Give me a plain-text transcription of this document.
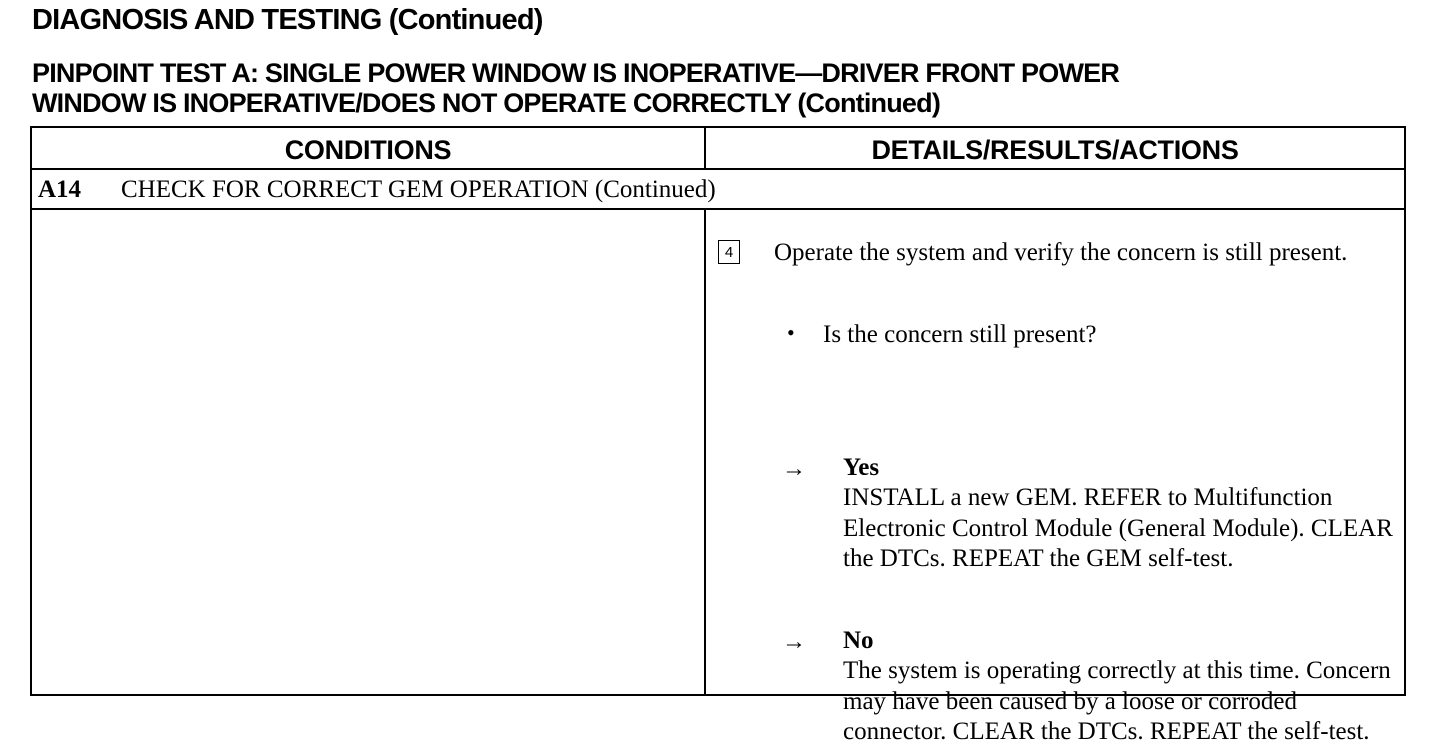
DIAGNOSIS AND TESTING (Continued)
PINPOINT TEST A: SINGLE POWER WINDOW IS INOPERATIVE—DRIVER FRONT POWER
WINDOW IS INOPERATIVE/DOES NOT OPERATE CORRECTLY (Continued)
CONDITIONS	DETAILS/RESULTS/ACTIONS
A14 CHECK FOR CORRECT GEM OPERATION (Continued)
4 Operate the system and verify the concern is still present.
• Is the concern still present?
→ Yes
INSTALL a new GEM. REFER to Multifunction Electronic Control Module (General Module). CLEAR the DTCs. REPEAT the GEM self-test.
→ No
The system is operating correctly at this time. Concern may have been caused by a loose or corroded connector. CLEAR the DTCs. REPEAT the self-test.
